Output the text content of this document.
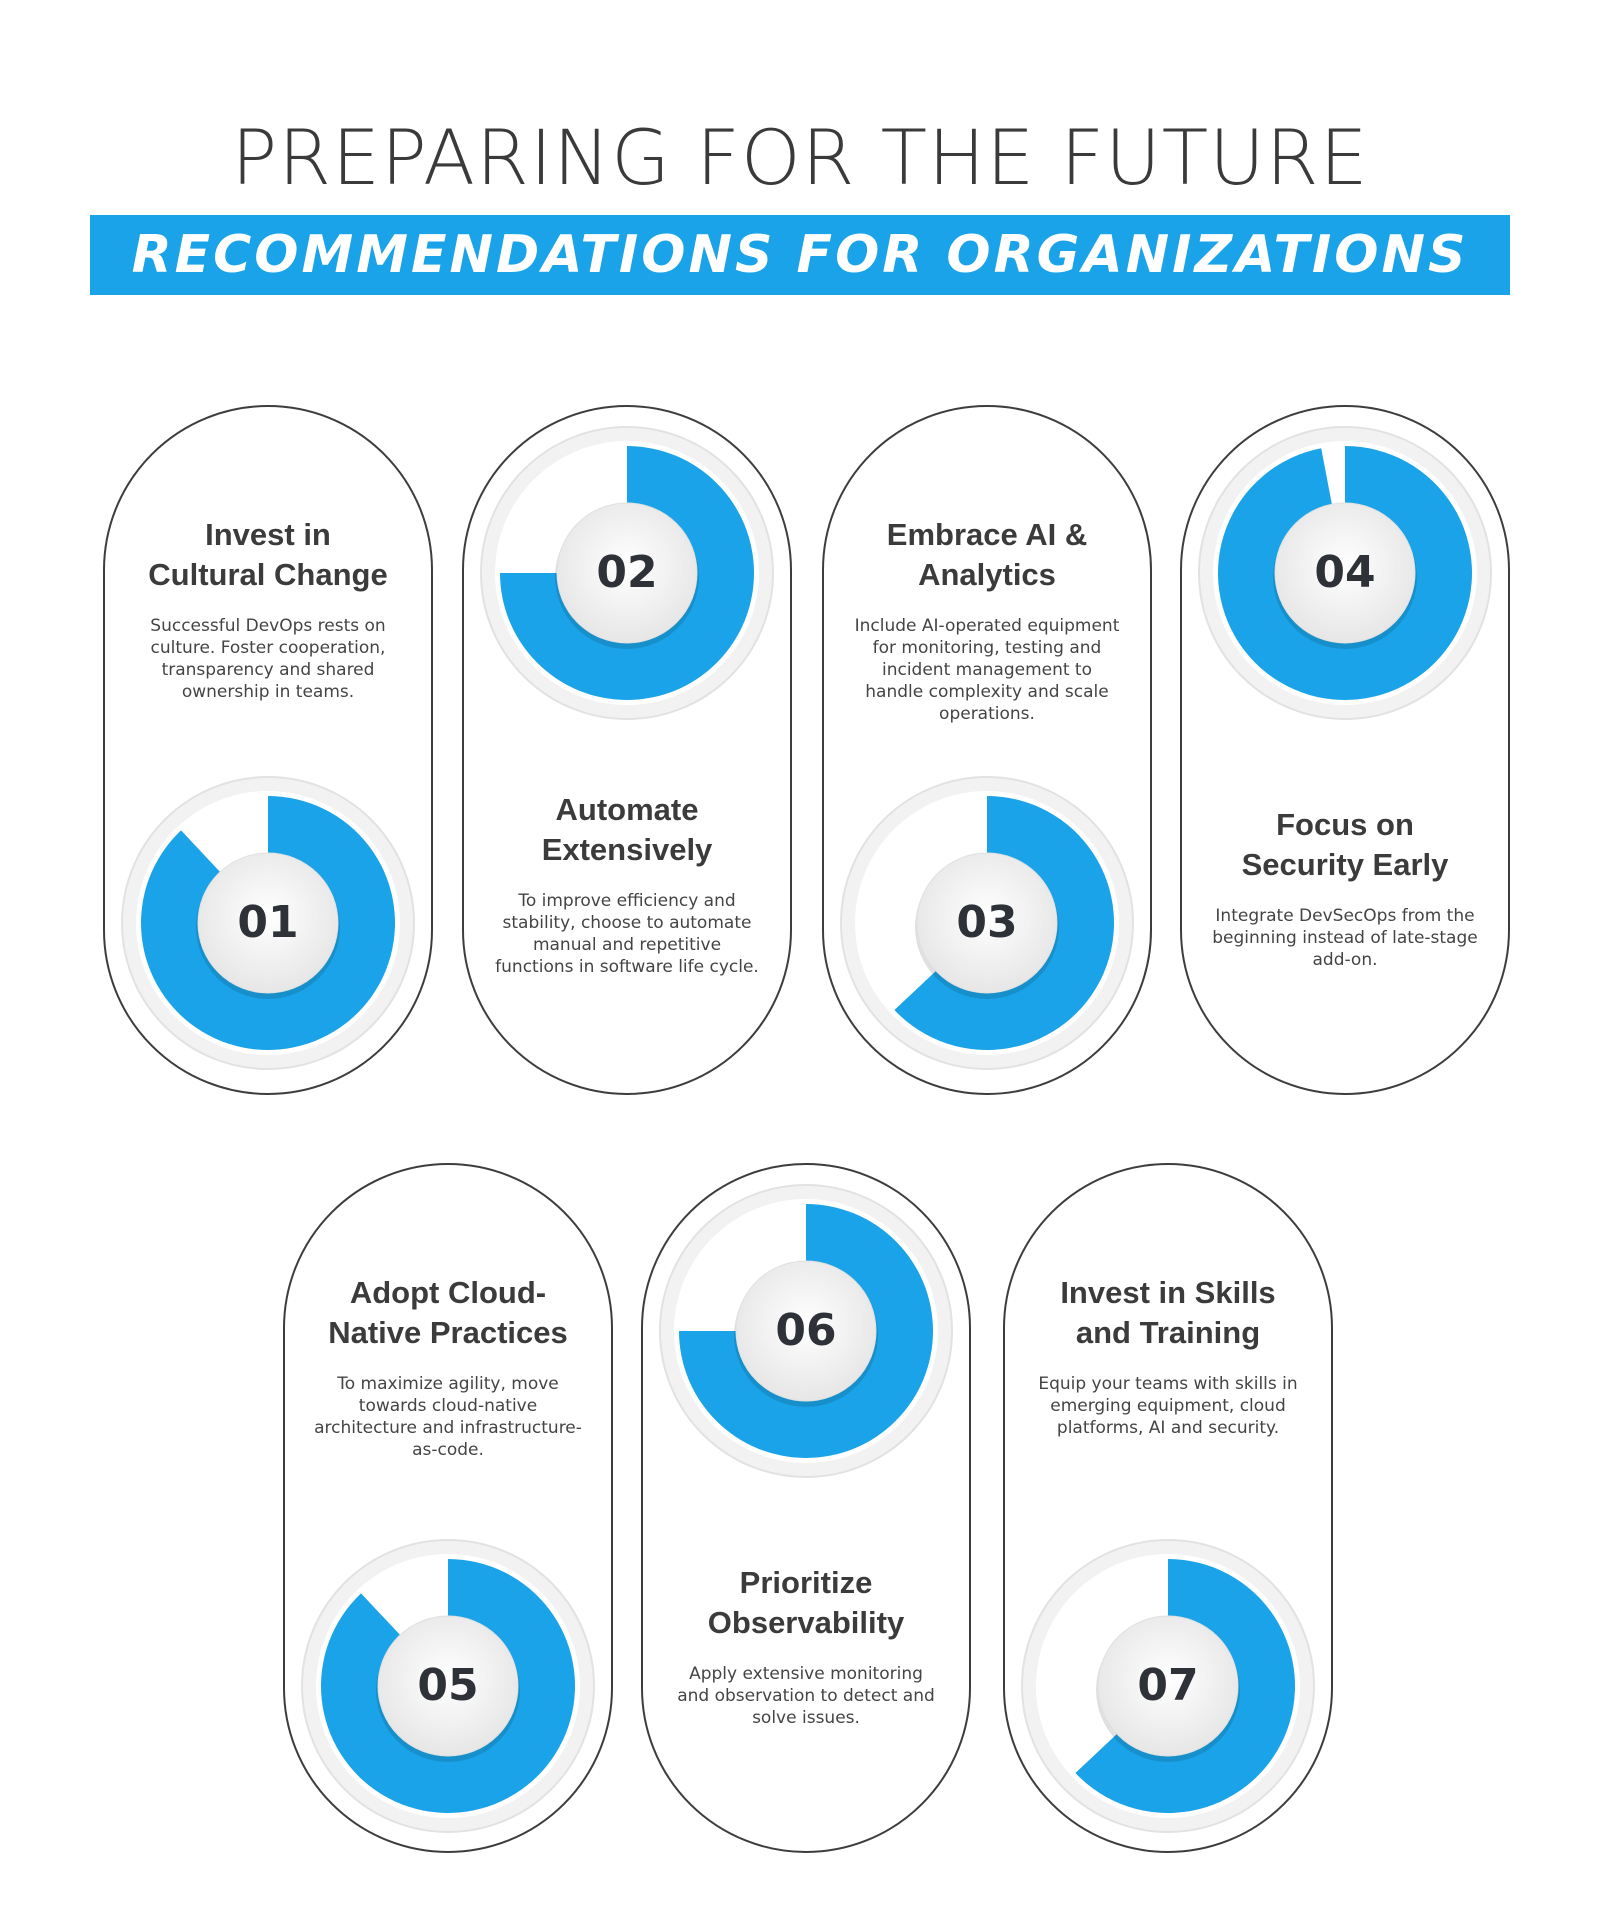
PREPARING FOR THE FUTURE
RECOMMENDATIONS FOR ORGANIZATIONS
Invest in
Cultural Change
Successful DevOps rests on
culture. Foster cooperation,
transparency and shared
ownership in teams.
01
02
Automate
Extensively
To improve efficiency and
stability, choose to automate
manual and repetitive
functions in software life cycle.
Embrace AI &
Analytics
Include AI-operated equipment
for monitoring, testing and
incident management to
handle complexity and scale
operations.
03
04
Focus on
Security Early
Integrate DevSecOps from the
beginning instead of late-stage
add-on.
Adopt Cloud-
Native Practices
To maximize agility, move
towards cloud-native
architecture and infrastructure-
as-code.
05
06
Prioritize
Observability
Apply extensive monitoring
and observation to detect and
solve issues.
Invest in Skills
and Training
Equip your teams with skills in
emerging equipment, cloud
platforms, AI and security.
07
